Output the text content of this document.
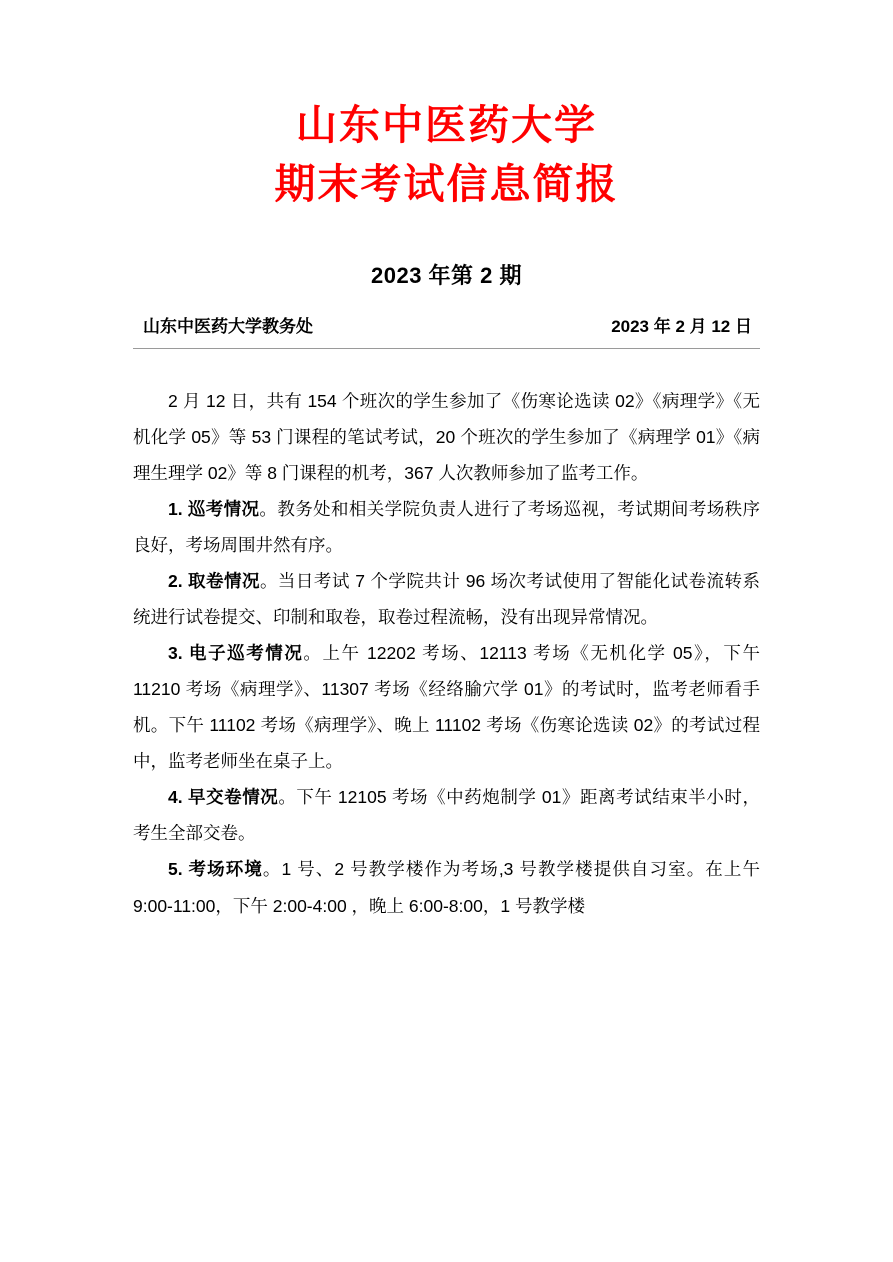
山东中医药大学
期末考试信息简报
2023 年第 2 期
山东中医药大学教务处	2023 年 2 月 12 日

2 月 12 日，共有 154 个班次的学生参加了《伤寒论选读 02》《病理学》《无机化学 05》等 53 门课程的笔试考试，20 个班次的学生参加了《病理学 01》《病理生理学 02》等 8 门课程的机考，367 人次教师参加了监考工作。

1. 巡考情况。教务处和相关学院负责人进行了考场巡视，考试期间考场秩序良好，考场周围井然有序。

2. 取卷情况。当日考试 7 个学院共计 96 场次考试使用了智能化试卷流转系统进行试卷提交、印制和取卷，取卷过程流畅，没有出现异常情况。

3. 电子巡考情况。上午 12202 考场、12113 考场《无机化学 05》，下午 11210 考场《病理学》、11307 考场《经络腧穴学 01》的考试时，监考老师看手机。下午 11102 考场《病理学》、晚上 11102 考场《伤寒论选读 02》的考试过程中，监考老师坐在桌子上。

4. 早交卷情况。下午 12105 考场《中药炮制学 01》距离考试结束半小时，考生全部交卷。

5. 考场环境。1 号、2 号教学楼作为考场,3 号教学楼提供自习室。在上午 9:00-11:00，下午 2:00-4:00 ，晚上 6:00-8:00，1 号教学楼
